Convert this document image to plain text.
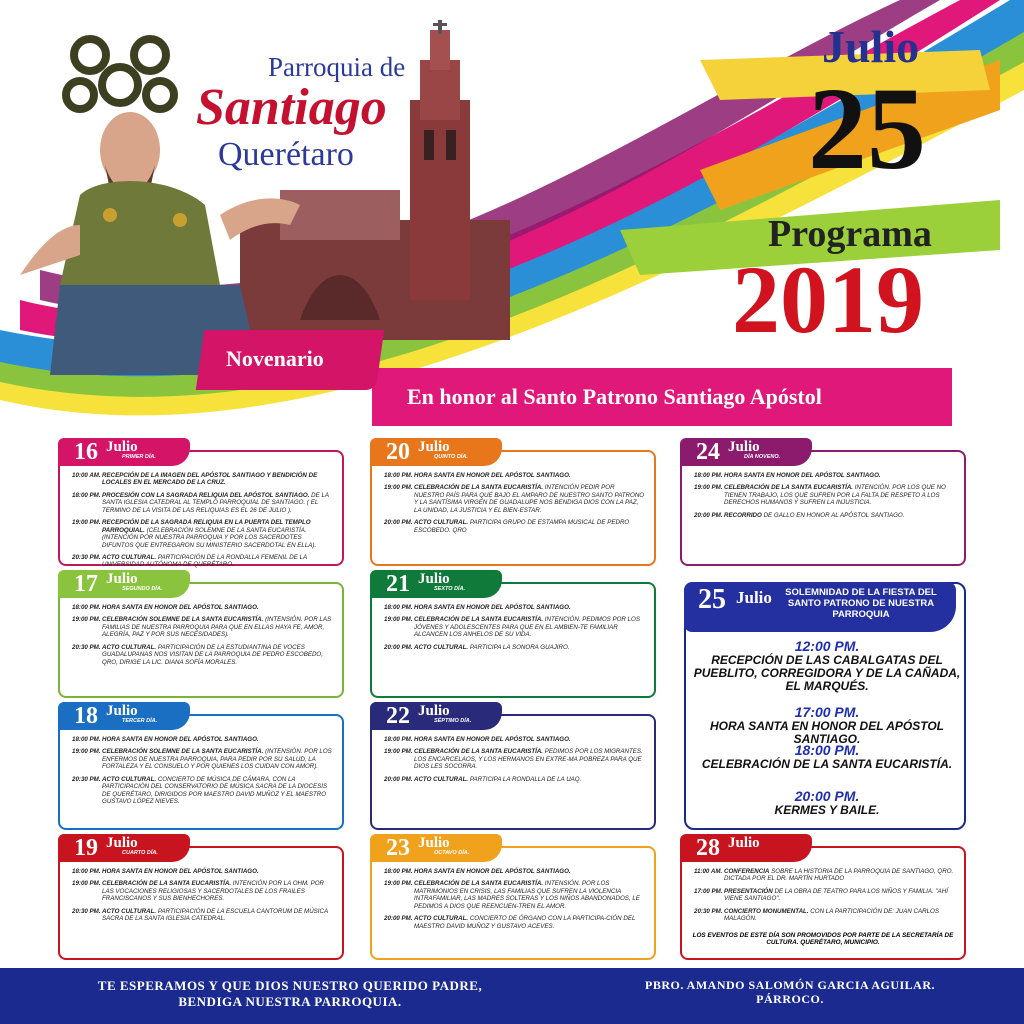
Parroquia de
Santiago
Querétaro
Julio
25
Programa
2019
En honor al Santo Patrono Santiago Apóstol
Novenario
16 Julio
PRIMER DÍA.
10:00 AM. RECEPCIÓN DE LA IMAGEN DEL APÓSTOL SANTIAGO Y BENDICIÓN DE LOCALES EN EL MERCADO DE LA CRUZ.
18:00 PM. PROCESIÓN CON LA SAGRADA RELIQUIA DEL APÓSTOL SANTIAGO. DE LA SANTA IGLESIA CATEDRAL AL TEMPLO PARROQUIAL DE SANTIAGO. ( EL TERMINO DE LA VISITA DE LAS RELIQUIAS ES EL 26 DE JULIO ).
19:00 PM. RECEPCIÓN DE LA SAGRADA RELIQUIA EN LA PUERTA DEL TEMPLO PARROQUIAL. (CELEBRACIÓN SOLEMNE DE LA SANTA EUCARISTÍA. (INTENCIÓN POR NUESTRA PARROQUIA Y POR LOS SACERDOTES DIFUNTOS QUE ENTREGARON SU MINISTERIO SACERDOTAL EN ELLA).
20:30 PM. ACTO CULTURAL. PARTICIPACIÓN DE LA RONDALLA FEMENIL DE LA UNIVERSIDAD AUTÓNOMA DE QUERÉTARO.
17 Julio
SEGUNDO DÍA.
18:00 PM. HORA SANTA EN HONOR DEL APÓSTOL SANTIAGO.
19:00 PM. CELEBRACIÓN SOLEMNE DE LA SANTA EUCARISTÍA. (INTENSIÓN. POR LAS FAMILIAS DE NUESTRA PARROQUIA PARA QUE EN ELLAS HAYA FE, AMOR, ALEGRÍA, PAZ Y POR SUS NECESIDADES).
20:30 PM. ACTO CULTURAL. PARTICIPACIÓN DE LA ESTUDIANTINA DE VOCES GUADALUPANAS NOS VISITAN DE LA PARROQUIA DE PEDRO ESCOBEDO, QRO, DIRIGE LA LIC. DIANA SOFÍA MORALES.
18 Julio
TERCER DÍA.
18:00 PM. HORA SANTA EN HONOR DEL APÓSTOL SANTIAGO.
19:00 PM. CELEBRACIÓN SOLEMNE DE LA SANTA EUCARISTÍA. (INTENSIÓN. POR LOS ENFERMOS DE NUESTRA PARROQUIA, PARA PEDIR POR SU SALUD, LA FORTALEZA Y EL CONSUELO Y POR QUIENES LOS CUIDAN CON AMOR).
20:30 PM. ACTO CULTURAL. CONCIERTO DE MÚSICA DE CÁMARA, CON LA PARTICIPACIÓN DEL CONSERVATORIO DE MÚSICA SACRA DE LA DIOCESIS DE QUERÉTARO, DIRIGIDOS POR MAESTRO DAVID MUÑOZ Y EL MAESTRO GUSTAVO LÓPEZ NIEVES.
19 Julio
CUARTO DÍA.
18:00 PM. HORA SANTA EN HONOR DEL APÓSTOL SANTIAGO.
19:00 PM. CELEBRACIÓN DE LA SANTA EUCARISTÍA. INTENCIÓN POR LA OHM. POR LAS VOCACIONES RELIGIOSAS Y SACERDOTALES DE LOS FRAILES FRANCISCANOS Y SUS BIENHECHORES.
20:30 PM. ACTO CULTURAL. PARTICIPACIÓN DE LA ESCUELA CANTORUM DE MÚSICA SACRA DE LA SANTA IGLESIA CATEDRAL.
20 Julio
QUINTO DÍA.
18:00 PM. HORA SANTA EN HONOR DEL APÓSTOL SANTIAGO.
19:00 PM. CELEBRACIÓN DE LA SANTA EUCARISTÍA. INTENCIÓN PEDIR POR NUESTRO PAÍS PARA QUE BAJO EL AMPARO DE NUESTRO SANTO PATRONO Y LA SANTÍSIMA VIRGEN DE GUADALUPE NOS BENDIGA DIOS CON LA PAZ, LA UNIDAD, LA JUSTICIA Y EL BIEN-ESTAR.
20:00 PM. ACTO CULTURAL. PARTICIPA GRUPO DE ESTAMPA MUSICAL DE PEDRO ESCOBEDO. QRO
21 Julio
SEXTO DÍA.
18:00 PM. HORA SANTA EN HONOR DEL APÓSTOL SANTIAGO.
19:00 PM. CELEBRACIÓN DE LA SANTA EUCARISTÍA. INTENCIÓN. PEDIMOS POR LOS JÓVENES Y ADOLESCENTES PARA QUE EN EL AMBIEN-TE FAMILIAR ALCANCEN LOS ANHELOS DE SU VIDA.
20:00 PM. ACTO CULTURAL. PARTICIPA LA SONORA GUAJIRO.
22 Julio
SÉPTIMO DÍA.
18:00 PM. HORA SANTA EN HONOR DEL APÓSTOL SANTIAGO.
19:00 PM. CELEBRACIÓN DE LA SANTA EUCARISTÍA. PEDIMOS POR LOS MIGRANTES. LOS ENCARCELAOS, Y LOS HERMANOS EN EXTRE-MA POBREZA PARA QUE DIOS LES SOCORRA.
20:00 PM. ACTO CULTURAL. PARTICIPA LA RONDALLA DE LA UAQ.
23 Julio
OCTAVO DÍA.
18:00 PM. HORA SANTA EN HONOR DEL APÓSTOL SANTIAGO.
19:00 PM. CELEBRACIÓN DE LA SANTA EUCARISTÍA. INTENSIÓN. POR LOS MATRIMONIOS EN CRISIS, LAS FAMILIAS QUE SUFREN LA VIOLENCIA INTRAFAMILIAR, LAS MADRES SOLTERAS Y LOS NIÑOS ABANDONADOS, LE PEDIMOS A DIOS QUE REENCUEN-TREN EL AMOR.
20:00 PM. ACTO CULTURAL. CONCIERTO DE ÓRGANO CON LA PARTICIPA-CIÓN DEL MAESTRO DAVID MUÑOZ Y GUSTAVO ACEVES.
24 Julio
DÍA NOVENO.
18:00 PM. HORA SANTA EN HONOR DEL APÓSTOL SANTIAGO.
19:00 PM. CELEBRACIÓN DE LA SANTA EUCARISTÍA. INTENCIÓN. POR LOS QUE NO TIENEN TRABAJO, LOS QUE SUFREN POR LA FALTA DE RESPETO A LOS DERECHOS HUMANOS Y SUFREN LA INJUSTICIA.
20:00 PM. RECORRIDO DE GALLO EN HONOR AL APÓSTOL SANTIAGO.
25 Julio	SOLEMNIDAD DE LA FIESTA DEL SANTO PATRONO DE NUESTRA PARROQUIA
12:00 PM.
RECEPCIÓN DE LAS CABALGATAS DEL PUEBLITO, CORREGIDORA Y DE LA CAÑADA, EL MARQUÉS.
17:00 PM.
HORA SANTA EN HONOR DEL APÓSTOL SANTIAGO.
18:00 PM.
CELEBRACIÓN DE LA SANTA EUCARISTÍA.
20:00 PM.
KERMES Y BAILE.
28 Julio
11:00 AM. CONFERENCIA SOBRE LA HISTORIA DE LA PARROQUIA DE SANTIAGO, QRO. DICTADA POR EL DR. MARTÍN HURTADO
17:00 PM. PRESENTACIÓN DE LA OBRA DE TEATRO PARA LOS NIÑOS Y FAMILIA. "AHÍ VIENE SANTIAGO".
20:30 PM. CONCIERTO MONUMENTAL. CON LA PARTICIPACIÓN DE: JUAN CARLOS MALAGÓN.
LOS EVENTOS DE ESTE DÍA SON PROMOVIDOS POR PARTE DE LA SECRETARÍA DE CULTURA. QUERÉTARO, MUNICIPIO.
TE ESPERAMOS Y QUE DIOS NUESTRO QUERIDO PADRE,
BENDIGA NUESTRA PARROQUIA.
PBRO. AMANDO SALOMÓN GARCIA AGUILAR.
PÁRROCO.
